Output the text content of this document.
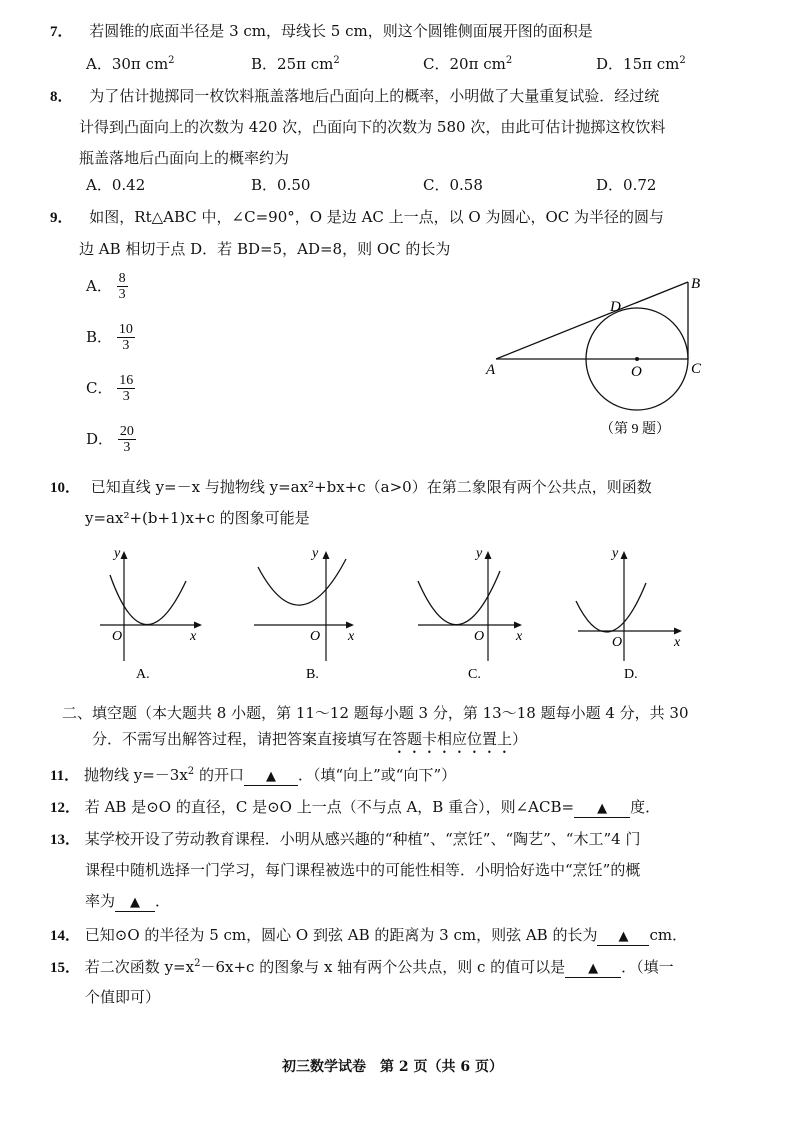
7． 若圆锥的底面半径是 3 cm，母线长 5 cm，则这个圆锥侧面展开图的面积是
A．30π $cm^2$	B．25π $cm^2$	C．20π $cm^2$	D．15π $cm^2$
8． 为了估计抛掷同一枚饮料瓶盖落地后凸面向上的概率，小明做了大量重复试验．经过统
计得到凸面向上的次数为 420 次，凸面向下的次数为 580 次，由此可估计抛掷这枚饮料
瓶盖落地后凸面向上的概率约为
A．0.42	B．0.50	C．0.58	D．0.72
9． 如图，Rt△ABC 中，∠C=90°，O 是边 AC 上一点，以 O 为圆心，OC 为半径的圆与
边 AB 相切于点 D．若 BD=5，AD=8，则 OC 的长为
A． $\frac{8}{3}$
B． $\frac{10}{3}$
C． $\frac{16}{3}$
D． $\frac{20}{3}$
A
B
C
D
O
（第 9 题）
10． 已知直线 y=－x 与抛物线 y=ax²+bx+c（a>0）在第二象限有两个公共点，则函数
y=ax²+(b+1)x+c 的图象可能是
y
x
O
A.
y
x
O
B.
y
x
O
C.
y
x
O
D.
二、填空题（本大题共 8 小题，第 11～12 题每小题 3 分，第 13～18 题每小题 4 分，共 30
分．不需写出解答过程，请把答案直接填写在答题卡相应位置上）
11． 抛物线 $y=-3x^2$ 的开口 ▲ ．（填“向上”或“向下”）
12． 若 AB 是⊙O 的直径，C 是⊙O 上一点（不与点 A，B 重合），则∠ACB= ▲ 度．
13． 某学校开设了劳动教育课程．小明从感兴趣的“种植”、“烹饪”、“陶艺”、“木工”4 门
课程中随机选择一门学习，每门课程被选中的可能性相等．小明恰好选中“烹饪”的概
率为 ▲ ．
14． 已知⊙O 的半径为 5 cm，圆心 O 到弦 AB 的距离为 3 cm，则弦 AB 的长为 ▲ cm．
15． 若二次函数 $y=x^2-6x+c$ 的图象与 x 轴有两个公共点，则 c 的值可以是 ▲ ．（填一
个值即可）
初三数学试卷　第 2 页（共 6 页）
